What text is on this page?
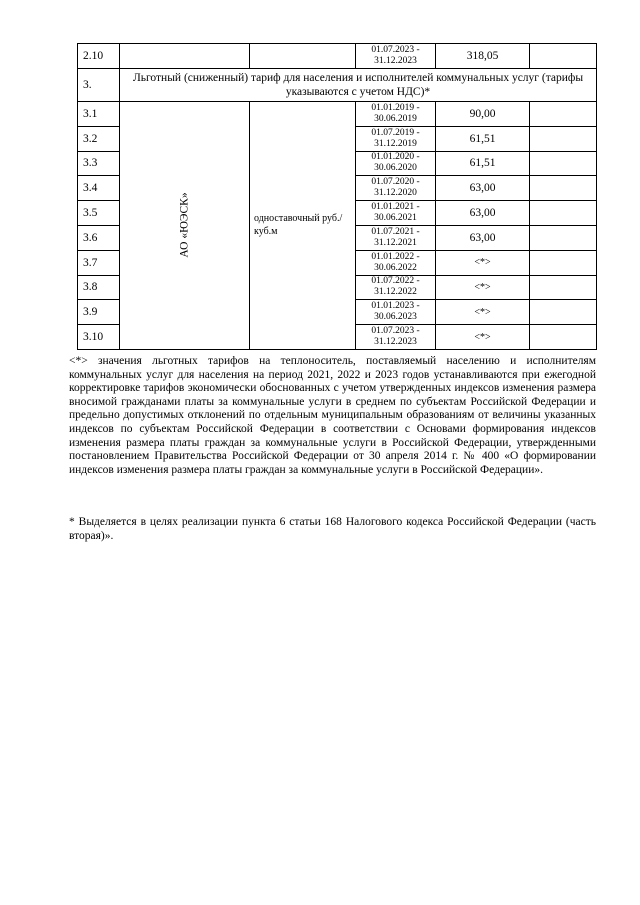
2.10			01.07.2023 - 31.12.2023	318,05	
3.	Льготный (сниженный) тариф для населения и исполнителей коммунальных услуг (тарифы указываются с учетом НДС)*				
3.1	АО «ЮЭСК»	одноставочный руб./куб.м	01.01.2019 - 30.06.2019	90,00	
3.2			01.07.2019 - 31.12.2019	61,51	
3.3			01.01.2020 - 30.06.2020	61,51	
3.4			01.07.2020 - 31.12.2020	63,00	
3.5			01.01.2021 - 30.06.2021	63,00	
3.6			01.07.2021 - 31.12.2021	63,00	
3.7			01.01.2022 - 30.06.2022	<*>	
3.8			01.07.2022 - 31.12.2022	<*>	
3.9			01.01.2023 - 30.06.2023	<*>	
3.10			01.07.2023 - 31.12.2023	<*>	

<*> значения льготных тарифов на теплоноситель, поставляемый населению и исполнителям коммунальных услуг для населения на период 2021, 2022 и 2023 годов устанавливаются при ежегодной корректировке тарифов экономически обоснованных с учетом утвержденных индексов изменения размера вносимой гражданами платы за коммунальные услуги в среднем по субъектам Российской Федерации и предельно допустимых отклонений по отдельным муниципальным образованиям от величины указанных индексов по субъектам Российской Федерации в соответствии с Основами формирования индексов изменения размера платы граждан за коммунальные услуги в Российской Федерации, утвержденными постановлением Правительства Российской Федерации от 30 апреля 2014 г. № 400 «О формировании индексов изменения размера платы граждан за коммунальные услуги в Российской Федерации».

* Выделяется в целях реализации пункта 6 статьи 168 Налогового кодекса Российской Федерации (часть вторая)».
